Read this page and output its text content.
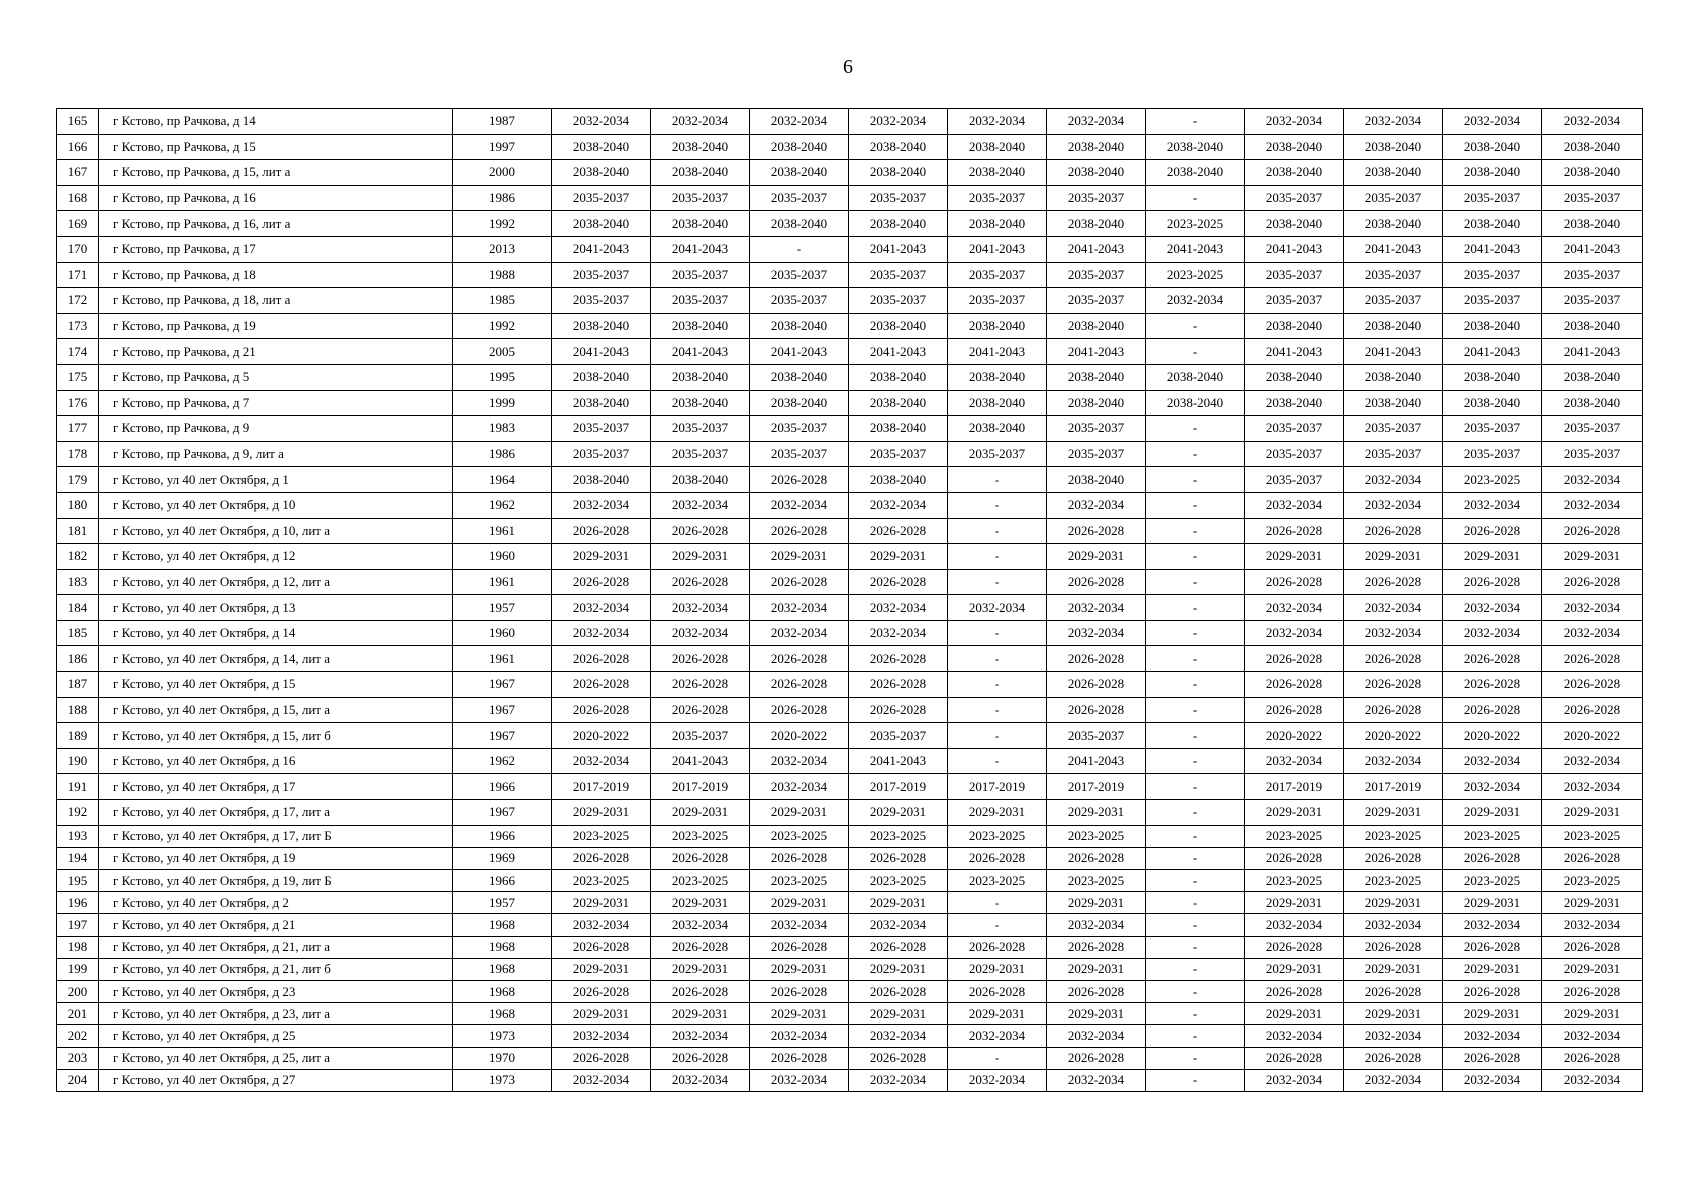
6
165	г Кстово, пр Рачкова, д 14	1987	2032-2034	2032-2034	2032-2034	2032-2034	2032-2034	2032-2034	-	2032-2034	2032-2034	2032-2034	2032-2034
166	г Кстово, пр Рачкова, д 15	1997	2038-2040	2038-2040	2038-2040	2038-2040	2038-2040	2038-2040	2038-2040	2038-2040	2038-2040	2038-2040	2038-2040
167	г Кстово, пр Рачкова, д 15, лит а	2000	2038-2040	2038-2040	2038-2040	2038-2040	2038-2040	2038-2040	2038-2040	2038-2040	2038-2040	2038-2040	2038-2040
168	г Кстово, пр Рачкова, д 16	1986	2035-2037	2035-2037	2035-2037	2035-2037	2035-2037	2035-2037	-	2035-2037	2035-2037	2035-2037	2035-2037
169	г Кстово, пр Рачкова, д 16, лит а	1992	2038-2040	2038-2040	2038-2040	2038-2040	2038-2040	2038-2040	2023-2025	2038-2040	2038-2040	2038-2040	2038-2040
170	г Кстово, пр Рачкова, д 17	2013	2041-2043	2041-2043	-	2041-2043	2041-2043	2041-2043	2041-2043	2041-2043	2041-2043	2041-2043	2041-2043
171	г Кстово, пр Рачкова, д 18	1988	2035-2037	2035-2037	2035-2037	2035-2037	2035-2037	2035-2037	2023-2025	2035-2037	2035-2037	2035-2037	2035-2037
172	г Кстово, пр Рачкова, д 18, лит а	1985	2035-2037	2035-2037	2035-2037	2035-2037	2035-2037	2035-2037	2032-2034	2035-2037	2035-2037	2035-2037	2035-2037
173	г Кстово, пр Рачкова, д 19	1992	2038-2040	2038-2040	2038-2040	2038-2040	2038-2040	2038-2040	-	2038-2040	2038-2040	2038-2040	2038-2040
174	г Кстово, пр Рачкова, д 21	2005	2041-2043	2041-2043	2041-2043	2041-2043	2041-2043	2041-2043	-	2041-2043	2041-2043	2041-2043	2041-2043
175	г Кстово, пр Рачкова, д 5	1995	2038-2040	2038-2040	2038-2040	2038-2040	2038-2040	2038-2040	2038-2040	2038-2040	2038-2040	2038-2040	2038-2040
176	г Кстово, пр Рачкова, д 7	1999	2038-2040	2038-2040	2038-2040	2038-2040	2038-2040	2038-2040	2038-2040	2038-2040	2038-2040	2038-2040	2038-2040
177	г Кстово, пр Рачкова, д 9	1983	2035-2037	2035-2037	2035-2037	2038-2040	2038-2040	2035-2037	-	2035-2037	2035-2037	2035-2037	2035-2037
178	г Кстово, пр Рачкова, д 9, лит а	1986	2035-2037	2035-2037	2035-2037	2035-2037	2035-2037	2035-2037	-	2035-2037	2035-2037	2035-2037	2035-2037
179	г Кстово, ул 40 лет Октября, д 1	1964	2038-2040	2038-2040	2026-2028	2038-2040	-	2038-2040	-	2035-2037	2032-2034	2023-2025	2032-2034
180	г Кстово, ул 40 лет Октября, д 10	1962	2032-2034	2032-2034	2032-2034	2032-2034	-	2032-2034	-	2032-2034	2032-2034	2032-2034	2032-2034
181	г Кстово, ул 40 лет Октября, д 10, лит а	1961	2026-2028	2026-2028	2026-2028	2026-2028	-	2026-2028	-	2026-2028	2026-2028	2026-2028	2026-2028
182	г Кстово, ул 40 лет Октября, д 12	1960	2029-2031	2029-2031	2029-2031	2029-2031	-	2029-2031	-	2029-2031	2029-2031	2029-2031	2029-2031
183	г Кстово, ул 40 лет Октября, д 12, лит а	1961	2026-2028	2026-2028	2026-2028	2026-2028	-	2026-2028	-	2026-2028	2026-2028	2026-2028	2026-2028
184	г Кстово, ул 40 лет Октября, д 13	1957	2032-2034	2032-2034	2032-2034	2032-2034	2032-2034	2032-2034	-	2032-2034	2032-2034	2032-2034	2032-2034
185	г Кстово, ул 40 лет Октября, д 14	1960	2032-2034	2032-2034	2032-2034	2032-2034	-	2032-2034	-	2032-2034	2032-2034	2032-2034	2032-2034
186	г Кстово, ул 40 лет Октября, д 14, лит а	1961	2026-2028	2026-2028	2026-2028	2026-2028	-	2026-2028	-	2026-2028	2026-2028	2026-2028	2026-2028
187	г Кстово, ул 40 лет Октября, д 15	1967	2026-2028	2026-2028	2026-2028	2026-2028	-	2026-2028	-	2026-2028	2026-2028	2026-2028	2026-2028
188	г Кстово, ул 40 лет Октября, д 15, лит а	1967	2026-2028	2026-2028	2026-2028	2026-2028	-	2026-2028	-	2026-2028	2026-2028	2026-2028	2026-2028
189	г Кстово, ул 40 лет Октября, д 15, лит б	1967	2020-2022	2035-2037	2020-2022	2035-2037	-	2035-2037	-	2020-2022	2020-2022	2020-2022	2020-2022
190	г Кстово, ул 40 лет Октября, д 16	1962	2032-2034	2041-2043	2032-2034	2041-2043	-	2041-2043	-	2032-2034	2032-2034	2032-2034	2032-2034
191	г Кстово, ул 40 лет Октября, д 17	1966	2017-2019	2017-2019	2032-2034	2017-2019	2017-2019	2017-2019	-	2017-2019	2017-2019	2032-2034	2032-2034
192	г Кстово, ул 40 лет Октября, д 17, лит а	1967	2029-2031	2029-2031	2029-2031	2029-2031	2029-2031	2029-2031	-	2029-2031	2029-2031	2029-2031	2029-2031
193	г Кстово, ул 40 лет Октября, д 17, лит Б	1966	2023-2025	2023-2025	2023-2025	2023-2025	2023-2025	2023-2025	-	2023-2025	2023-2025	2023-2025	2023-2025
194	г Кстово, ул 40 лет Октября, д 19	1969	2026-2028	2026-2028	2026-2028	2026-2028	2026-2028	2026-2028	-	2026-2028	2026-2028	2026-2028	2026-2028
195	г Кстово, ул 40 лет Октября, д 19, лит Б	1966	2023-2025	2023-2025	2023-2025	2023-2025	2023-2025	2023-2025	-	2023-2025	2023-2025	2023-2025	2023-2025
196	г Кстово, ул 40 лет Октября, д 2	1957	2029-2031	2029-2031	2029-2031	2029-2031	-	2029-2031	-	2029-2031	2029-2031	2029-2031	2029-2031
197	г Кстово, ул 40 лет Октября, д 21	1968	2032-2034	2032-2034	2032-2034	2032-2034	-	2032-2034	-	2032-2034	2032-2034	2032-2034	2032-2034
198	г Кстово, ул 40 лет Октября, д 21, лит а	1968	2026-2028	2026-2028	2026-2028	2026-2028	2026-2028	2026-2028	-	2026-2028	2026-2028	2026-2028	2026-2028
199	г Кстово, ул 40 лет Октября, д 21, лит б	1968	2029-2031	2029-2031	2029-2031	2029-2031	2029-2031	2029-2031	-	2029-2031	2029-2031	2029-2031	2029-2031
200	г Кстово, ул 40 лет Октября, д 23	1968	2026-2028	2026-2028	2026-2028	2026-2028	2026-2028	2026-2028	-	2026-2028	2026-2028	2026-2028	2026-2028
201	г Кстово, ул 40 лет Октября, д 23, лит а	1968	2029-2031	2029-2031	2029-2031	2029-2031	2029-2031	2029-2031	-	2029-2031	2029-2031	2029-2031	2029-2031
202	г Кстово, ул 40 лет Октября, д 25	1973	2032-2034	2032-2034	2032-2034	2032-2034	2032-2034	2032-2034	-	2032-2034	2032-2034	2032-2034	2032-2034
203	г Кстово, ул 40 лет Октября, д 25, лит а	1970	2026-2028	2026-2028	2026-2028	2026-2028	-	2026-2028	-	2026-2028	2026-2028	2026-2028	2026-2028
204	г Кстово, ул 40 лет Октября, д 27	1973	2032-2034	2032-2034	2032-2034	2032-2034	2032-2034	2032-2034	-	2032-2034	2032-2034	2032-2034	2032-2034
